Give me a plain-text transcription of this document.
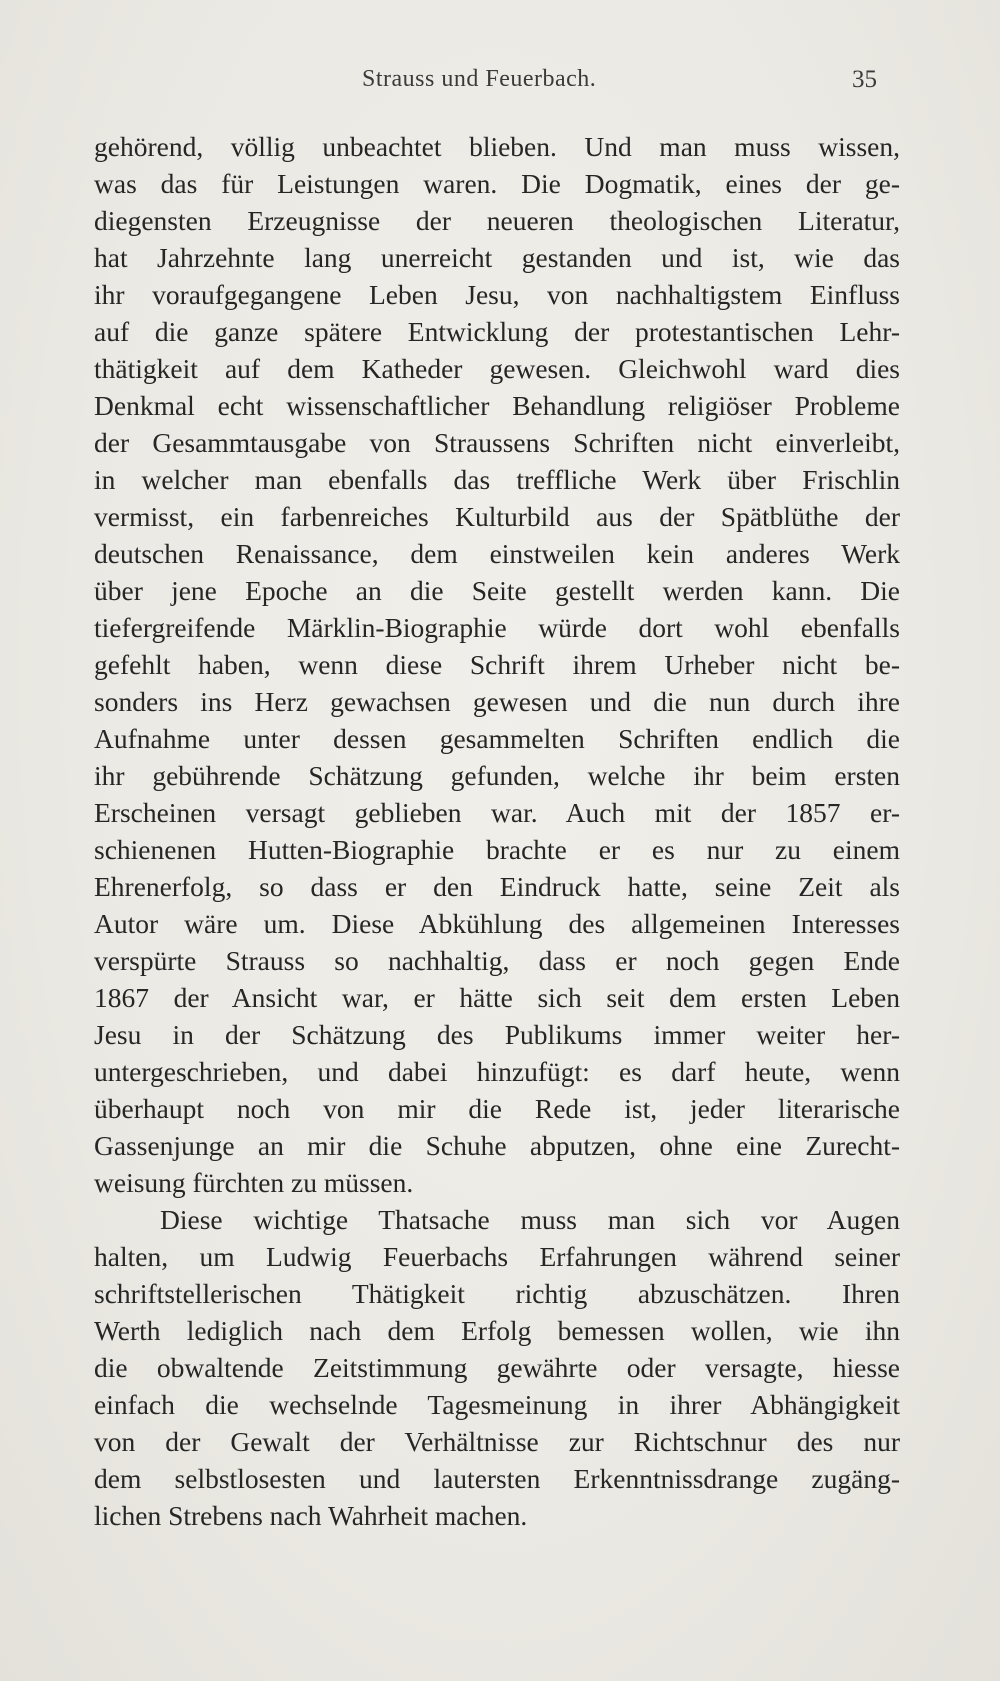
Strauss und Feuerbach.	35
gehörend, völlig unbeachtet blieben. Und man muss wissen,
was das für Leistungen waren. Die Dogmatik, eines der ge-
diegensten Erzeugnisse der neueren theologischen Literatur,
hat Jahrzehnte lang unerreicht gestanden und ist, wie das
ihr voraufgegangene Leben Jesu, von nachhaltigstem Einfluss
auf die ganze spätere Entwicklung der protestantischen Lehr-
thätigkeit auf dem Katheder gewesen. Gleichwohl ward dies
Denkmal echt wissenschaftlicher Behandlung religiöser Probleme
der Gesammtausgabe von Straussens Schriften nicht einverleibt,
in welcher man ebenfalls das treffliche Werk über Frischlin
vermisst, ein farbenreiches Kulturbild aus der Spätblüthe der
deutschen Renaissance, dem einstweilen kein anderes Werk
über jene Epoche an die Seite gestellt werden kann. Die
tiefergreifende Märklin-Biographie würde dort wohl ebenfalls
gefehlt haben, wenn diese Schrift ihrem Urheber nicht be-
sonders ins Herz gewachsen gewesen und die nun durch ihre
Aufnahme unter dessen gesammelten Schriften endlich die
ihr gebührende Schätzung gefunden, welche ihr beim ersten
Erscheinen versagt geblieben war. Auch mit der 1857 er-
schienenen Hutten-Biographie brachte er es nur zu einem
Ehrenerfolg, so dass er den Eindruck hatte, seine Zeit als
Autor wäre um. Diese Abkühlung des allgemeinen Interesses
verspürte Strauss so nachhaltig, dass er noch gegen Ende
1867 der Ansicht war, er hätte sich seit dem ersten Leben
Jesu in der Schätzung des Publikums immer weiter her-
untergeschrieben, und dabei hinzufügt: es darf heute, wenn
überhaupt noch von mir die Rede ist, jeder literarische
Gassenjunge an mir die Schuhe abputzen, ohne eine Zurecht-
weisung fürchten zu müssen.
Diese wichtige Thatsache muss man sich vor Augen
halten, um Ludwig Feuerbachs Erfahrungen während seiner
schriftstellerischen Thätigkeit richtig abzuschätzen. Ihren
Werth lediglich nach dem Erfolg bemessen wollen, wie ihn
die obwaltende Zeitstimmung gewährte oder versagte, hiesse
einfach die wechselnde Tagesmeinung in ihrer Abhängigkeit
von der Gewalt der Verhältnisse zur Richtschnur des nur
dem selbstlosesten und lautersten Erkenntnissdrange zugäng-
lichen Strebens nach Wahrheit machen.
